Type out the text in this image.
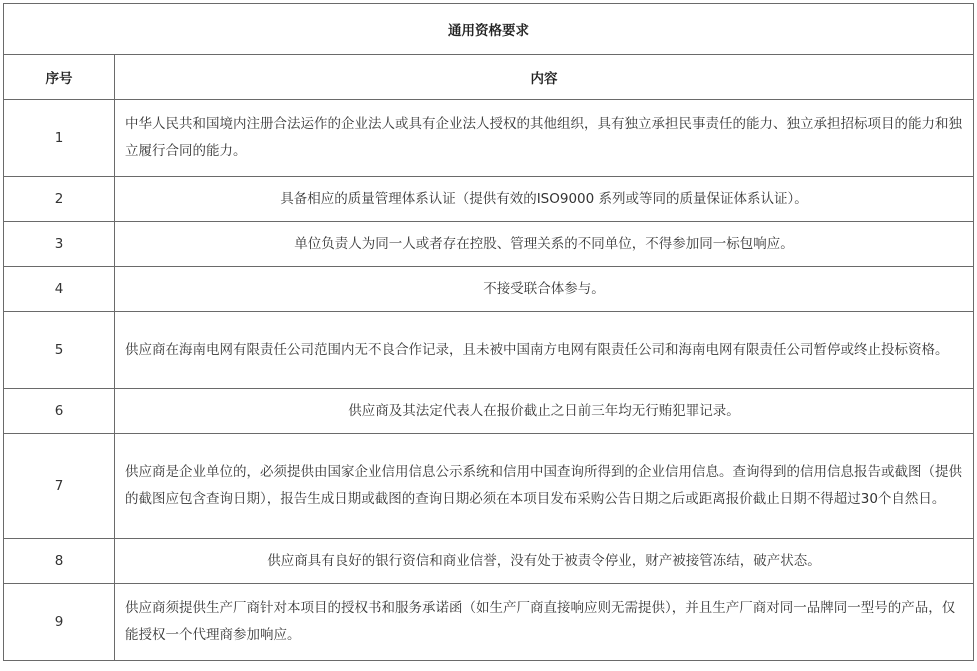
通用资格要求	
序号	内容
1	中华人民共和国境内注册合法运作的企业法人或具有企业法人授权的其他组织，具有独立承担民事责任的能力、独立承担招标项目的能力和独立履行合同的能力。
2	具备相应的质量管理体系认证（提供有效的ISO9000 系列或等同的质量保证体系认证）。
3	单位负责人为同一人或者存在控股、管理关系的不同单位，不得参加同一标包响应。
4	不接受联合体参与。
5	供应商在海南电网有限责任公司范围内无不良合作记录，且未被中国南方电网有限责任公司和海南电网有限责任公司暂停或终止投标资格。
6	供应商及其法定代表人在报价截止之日前三年均无行贿犯罪记录。
7	供应商是企业单位的，必须提供由国家企业信用信息公示系统和信用中国查询所得到的企业信用信息。查询得到的信用信息报告或截图（提供的截图应包含查询日期），报告生成日期或截图的查询日期必须在本项目发布采购公告日期之后或距离报价截止日期不得超过30个自然日。
8	供应商具有良好的银行资信和商业信誉，没有处于被责令停业，财产被接管冻结，破产状态。
9	供应商须提供生产厂商针对本项目的授权书和服务承诺函（如生产厂商直接响应则无需提供），并且生产厂商对同一品牌同一型号的产品，仅能授权一个代理商参加响应。
